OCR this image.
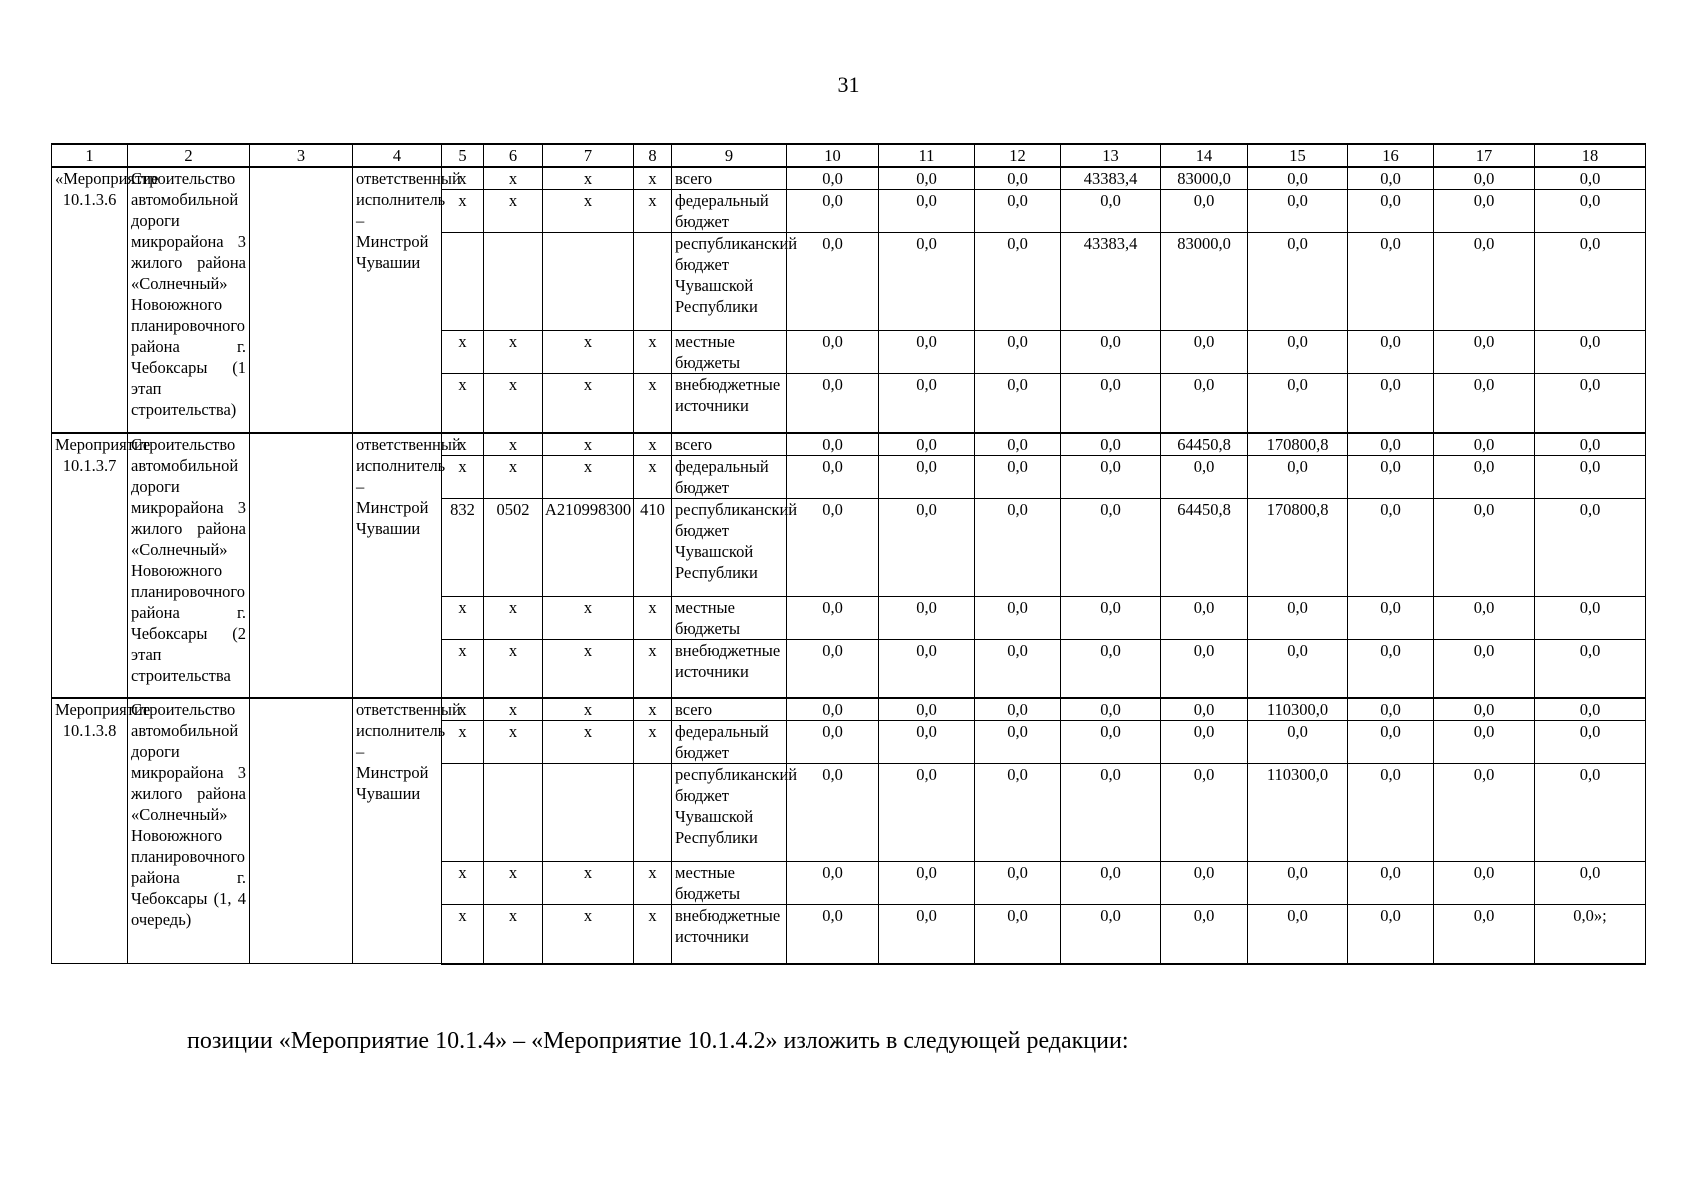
31
1	2	3	4	5	6	7	8	9	10	11	12	13	14	15	16	17	18
«Мероприятие 10.1.3.6	Строительство автомобильной дороги микрорайона 3 жилого района «Солнечный» Новоюжного планировочного района г. Чебоксары (1 этап строительства)		ответственный исполнитель – Минстрой Чувашии	x	x	x	x	всего	0,0	0,0	0,0	43383,4	83000,0	0,0	0,0	0,0	0,0
				x	x	x	x	федеральный бюджет	0,0	0,0	0,0	0,0	0,0	0,0	0,0	0,0	0,0
								республиканский бюджет Чувашской Республики	0,0	0,0	0,0	43383,4	83000,0	0,0	0,0	0,0	0,0
				x	x	x	x	местные бюджеты	0,0	0,0	0,0	0,0	0,0	0,0	0,0	0,0	0,0
				x	x	x	x	внебюджетные источники	0,0	0,0	0,0	0,0	0,0	0,0	0,0	0,0	0,0
Мероприятие 10.1.3.7	Строительство автомобильной дороги микрорайона 3 жилого района «Солнечный» Новоюжного планировочного района г. Чебоксары (2 этап строительства		ответственный исполнитель – Минстрой Чувашии	x	x	x	x	всего	0,0	0,0	0,0	0,0	64450,8	170800,8	0,0	0,0	0,0
				x	x	x	x	федеральный бюджет	0,0	0,0	0,0	0,0	0,0	0,0	0,0	0,0	0,0
				832	0502	А210998300	410	республиканский бюджет Чувашской Республики	0,0	0,0	0,0	0,0	64450,8	170800,8	0,0	0,0	0,0
				x	x	x	x	местные бюджеты	0,0	0,0	0,0	0,0	0,0	0,0	0,0	0,0	0,0
				x	x	x	x	внебюджетные источники	0,0	0,0	0,0	0,0	0,0	0,0	0,0	0,0	0,0
Мероприятие 10.1.3.8	Строительство автомобильной дороги микрорайона 3 жилого района «Солнечный» Новоюжного планировочного района г. Чебоксары (1, 4 очередь)		ответственный исполнитель – Минстрой Чувашии	x	x	x	x	всего	0,0	0,0	0,0	0,0	0,0	110300,0	0,0	0,0	0,0
				x	x	x	x	федеральный бюджет	0,0	0,0	0,0	0,0	0,0	0,0	0,0	0,0	0,0
								республиканский бюджет Чувашской Республики	0,0	0,0	0,0	0,0	0,0	110300,0	0,0	0,0	0,0
				x	x	x	x	местные бюджеты	0,0	0,0	0,0	0,0	0,0	0,0	0,0	0,0	0,0
				x	x	x	x	внебюджетные источники	0,0	0,0	0,0	0,0	0,0	0,0	0,0	0,0	0,0»;
позиции «Мероприятие 10.1.4» – «Мероприятие 10.1.4.2» изложить в следующей редакции:
